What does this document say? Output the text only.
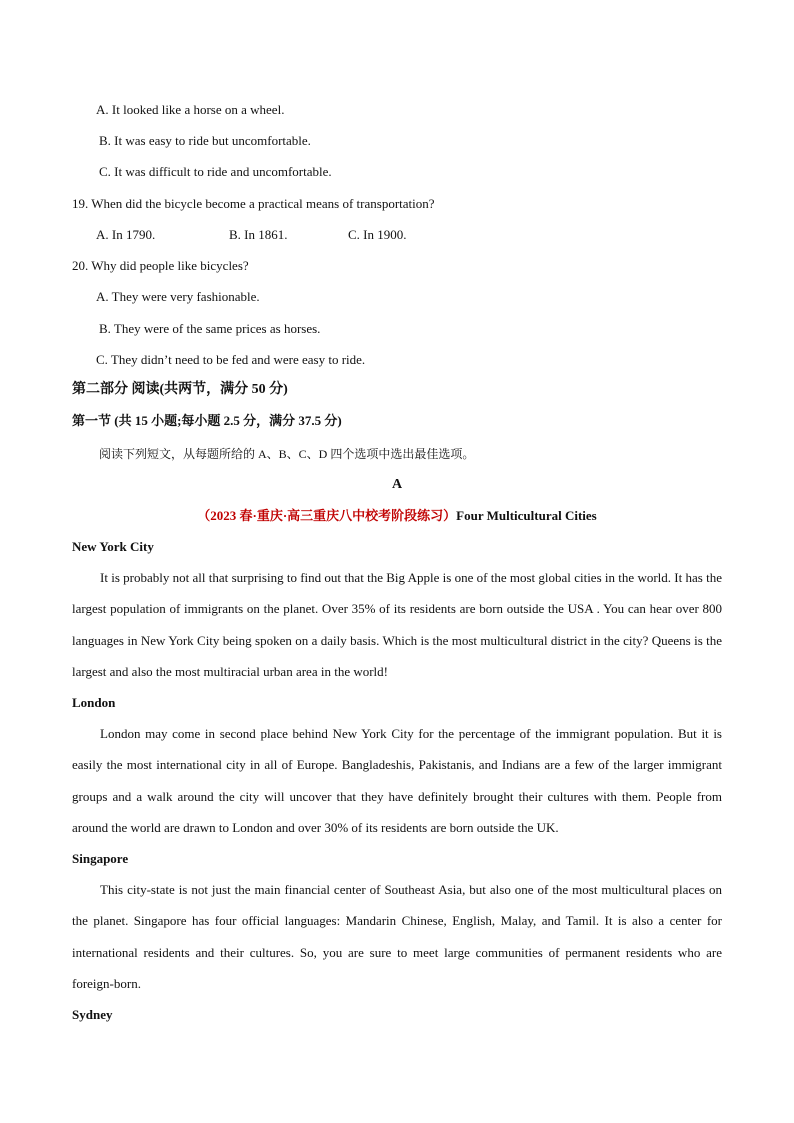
A. It looked like a horse on a wheel.
B. It was easy to ride but uncomfortable.
C. It was difficult to ride and uncomfortable.
19. When did the bicycle become a practical means of transportation?
A. In 1790.	B. In 1861.	C. In 1900.
20. Why did people like bicycles?
A. They were very fashionable.
B. They were of the same prices as horses.
C. They didn’t need to be fed and were easy to ride.
第二部分 阅读(共两节，满分 50 分)
第一节 (共 15 小题;每小题 2.5 分，满分 37.5 分)
阅读下列短文，从每题所给的 A、B、C、D 四个选项中选出最佳选项。
A
（2023 春·重庆·高三重庆八中校考阶段练习）Four Multicultural Cities
New York City
It is probably not all that surprising to find out that the Big Apple is one of the most global cities in the world. It has the largest population of immigrants on the planet. Over 35% of its residents are born outside the USA . You can hear over 800 languages in New York City being spoken on a daily basis. Which is the most multicultural district in the city? Queens is the largest and also the most multiracial urban area in the world!
London
London may come in second place behind New York City for the percentage of the immigrant population. But it is easily the most international city in all of Europe. Bangladeshis, Pakistanis, and Indians are a few of the larger immigrant groups and a walk around the city will uncover that they have definitely brought their cultures with them. People from around the world are drawn to London and over 30% of its residents are born outside the UK.
Singapore
This city-state is not just the main financial center of Southeast Asia, but also one of the most multicultural places on the planet. Singapore has four official languages: Mandarin Chinese, English, Malay, and Tamil. It is also a center for international residents and their cultures. So, you are sure to meet large communities of permanent residents who are foreign-born.
Sydney
